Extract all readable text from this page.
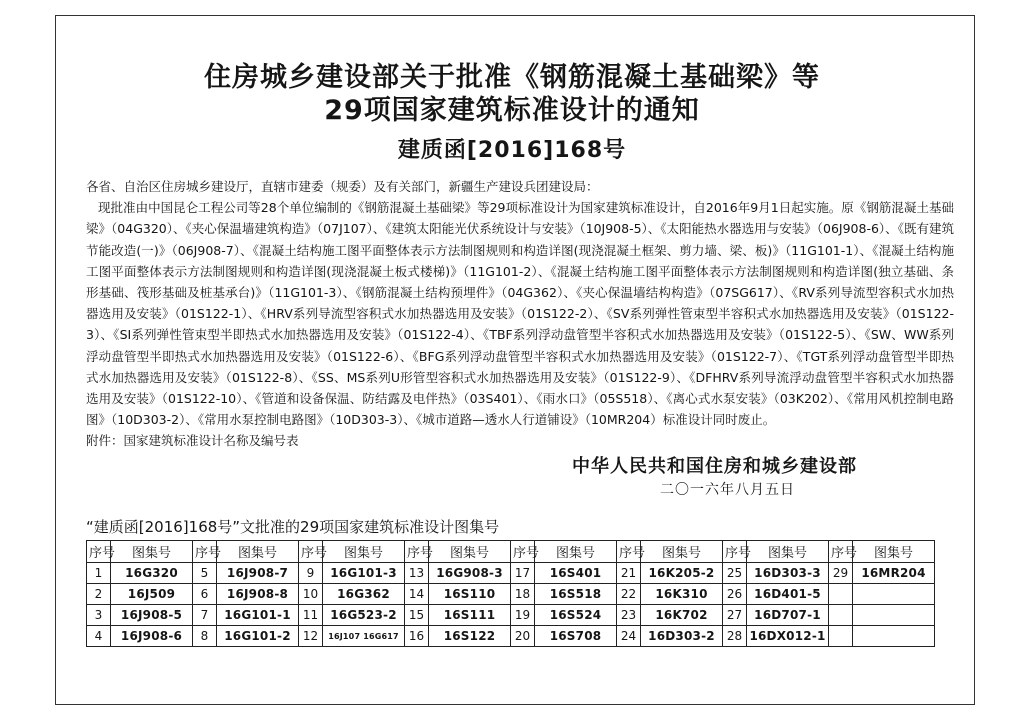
住房城乡建设部关于批准《钢筋混凝土基础梁》等
29项国家建筑标准设计的通知
建质函[2016]168号

各省、自治区住房城乡建设厅，直辖市建委（规委）及有关部门，新疆生产建设兵团建设局：

现批准由中国昆仑工程公司等28个单位编制的《钢筋混凝土基础梁》等29项标准设计为国家建筑标准设计，自2016年9月1日起实施。原《钢筋混凝土基础梁》（04G320）、《夹心保温墙建筑构造》（07J107）、《建筑太阳能光伏系统设计与安装》（10J908-5）、《太阳能热水器选用与安装》（06J908-6）、《既有建筑节能改造(一)》（06J908-7）、《混凝土结构施工图平面整体表示方法制图规则和构造详图(现浇混凝土框架、剪力墙、梁、板)》（11G101-1）、《混凝土结构施工图平面整体表示方法制图规则和构造详图(现浇混凝土板式楼梯)》（11G101-2）、《混凝土结构施工图平面整体表示方法制图规则和构造详图(独立基础、条形基础、筏形基础及桩基承台)》（11G101-3）、《钢筋混凝土结构预埋件》（04G362）、《夹心保温墙结构构造》（07SG617）、《RV系列导流型容积式水加热器选用及安装》（01S122-1）、《HRV系列导流型容积式水加热器选用及安装》（01S122-2）、《SV系列弹性管束型半容积式水加热器选用及安装》（01S122-3）、《SI系列弹性管束型半即热式水加热器选用及安装》（01S122-4）、《TBF系列浮动盘管型半容积式水加热器选用及安装》（01S122-5）、《SW、WW系列浮动盘管型半即热式水加热器选用及安装》（01S122-6）、《BFG系列浮动盘管型半容积式水加热器选用及安装》（01S122-7）、《TGT系列浮动盘管型半即热式水加热器选用及安装》（01S122-8）、《SS、MS系列U形管型容积式水加热器选用及安装》（01S122-9）、《DFHRV系列导流浮动盘管型半容积式水加热器选用及安装》（01S122-10）、《管道和设备保温、防结露及电伴热》（03S401）、《雨水口》（05S518）、《离心式水泵安装》（03K202）、《常用风机控制电路图》（10D303-2）、《常用水泵控制电路图》（10D303-3）、《城市道路—透水人行道铺设》（10MR204）标准设计同时废止。

附件：国家建筑标准设计名称及编号表

中华人民共和国住房和城乡建设部
二〇一六年八月五日
“建质函[2016]168号”文批准的29项国家建筑标准设计图集号
序号	图集号	序号	图集号	序号	图集号	序号	图集号	序号	图集号	序号	图集号	序号	图集号	序号	图集号
1	16G320	5	16J908-7	9	16G101-3	13	16G908-3	17	16S401	21	16K205-2	25	16D303-3	29	16MR204
2	16J509	6	16J908-8	10	16G362	14	16S110	18	16S518	22	16K310	26	16D401-5		
3	16J908-5	7	16G101-1	11	16G523-2	15	16S111	19	16S524	23	16K702	27	16D707-1		
4	16J908-6	8	16G101-2	12	16J107 16G617	16	16S122	20	16S708	24	16D303-2	28	16DX012-1		
